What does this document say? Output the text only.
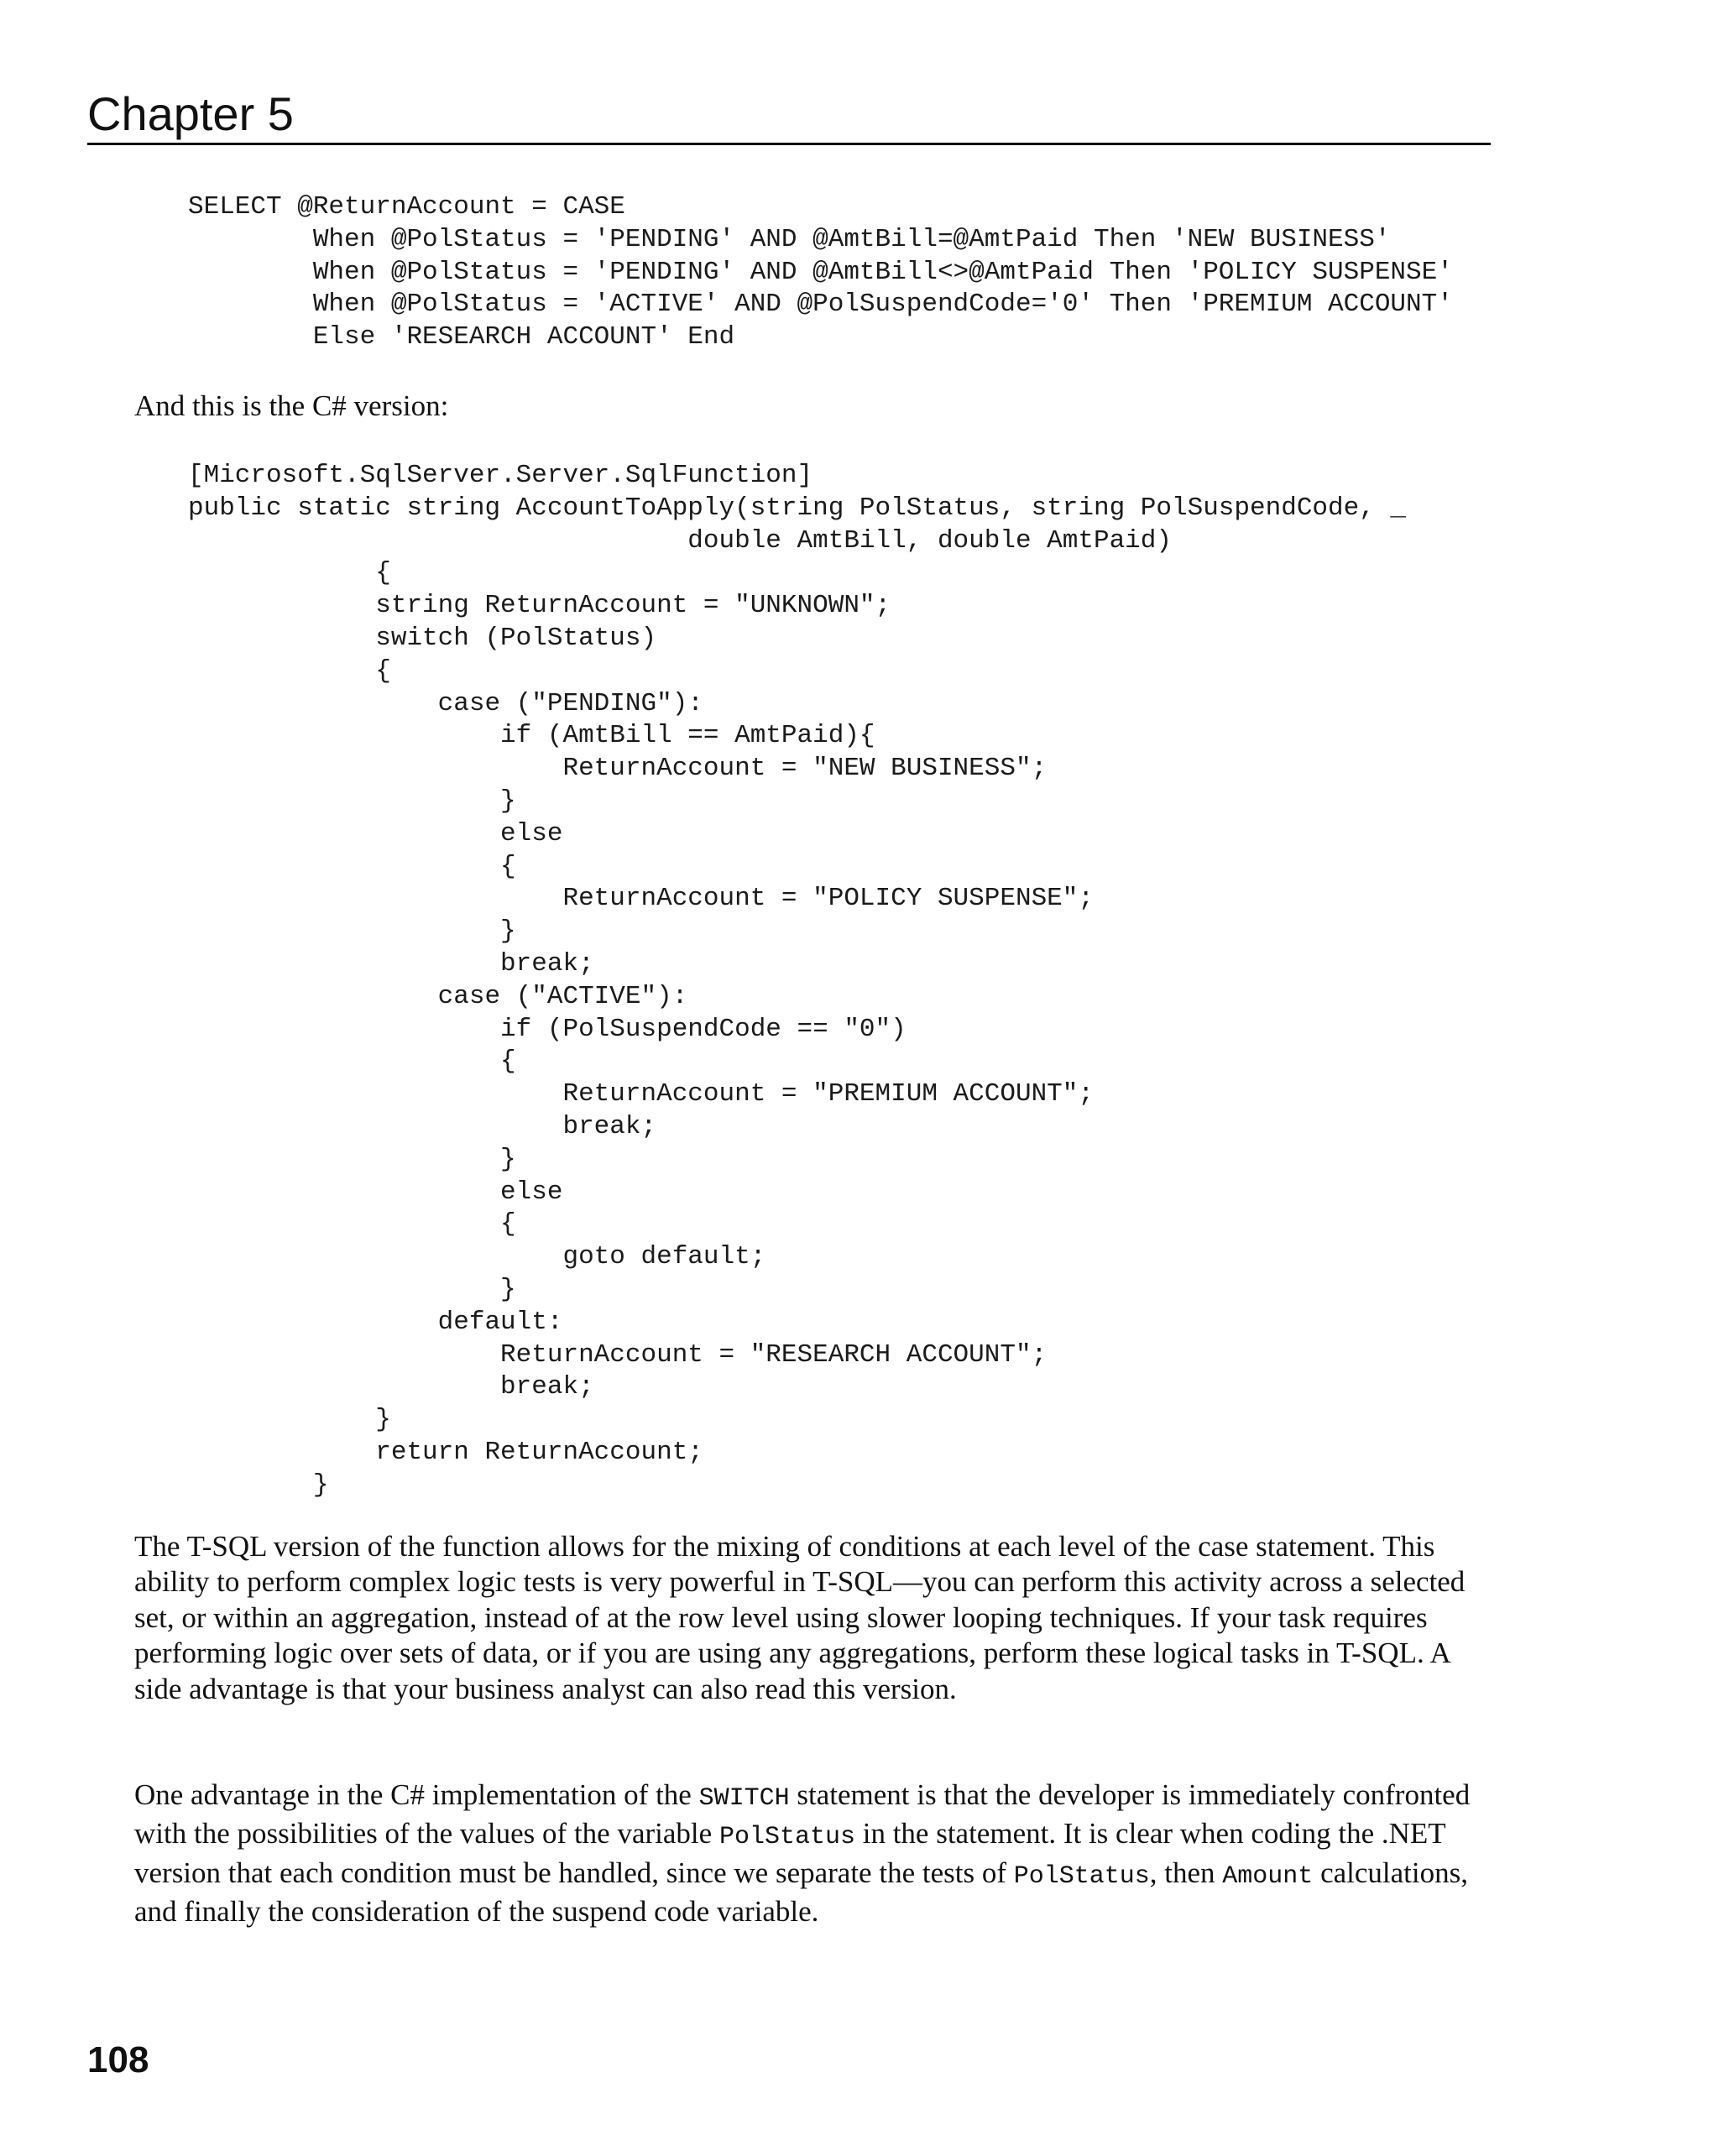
Chapter 5
SELECT @ReturnAccount = CASE
When @PolStatus = 'PENDING' AND @AmtBill=@AmtPaid Then 'NEW BUSINESS'
When @PolStatus = 'PENDING' AND @AmtBill<>@AmtPaid Then 'POLICY SUSPENSE'
When @PolStatus = 'ACTIVE' AND @PolSuspendCode='0' Then 'PREMIUM ACCOUNT'
Else 'RESEARCH ACCOUNT' End

And this is the C# version:

[Microsoft.SqlServer.Server.SqlFunction]
public static string AccountToApply(string PolStatus, string PolSuspendCode, _
double AmtBill, double AmtPaid)
{
string ReturnAccount = "UNKNOWN";
switch (PolStatus)
{
case ("PENDING"):
if (AmtBill == AmtPaid){
ReturnAccount = "NEW BUSINESS";
}
else
{
ReturnAccount = "POLICY SUSPENSE";
}
break;
case ("ACTIVE"):
if (PolSuspendCode == "0")
{
ReturnAccount = "PREMIUM ACCOUNT";
break;
}
else
{
goto default;
}
default:
ReturnAccount = "RESEARCH ACCOUNT";
break;
}
return ReturnAccount;
}

The T-SQL version of the function allows for the mixing of conditions at each level of the case statement. This ability to perform complex logic tests is very powerful in T-SQL—you can perform this activity across a selected set, or within an aggregation, instead of at the row level using slower looping techniques. If your task requires performing logic over sets of data, or if you are using any aggregations, perform these logical tasks in T-SQL. A side advantage is that your business analyst can also read this version.

One advantage in the C# implementation of the SWITCH statement is that the developer is immediately confronted with the possibilities of the values of the variable PolStatus in the statement. It is clear when coding the .NET version that each condition must be handled, since we separate the tests of PolStatus, then Amount calculations, and finally the consideration of the suspend code variable.

108
